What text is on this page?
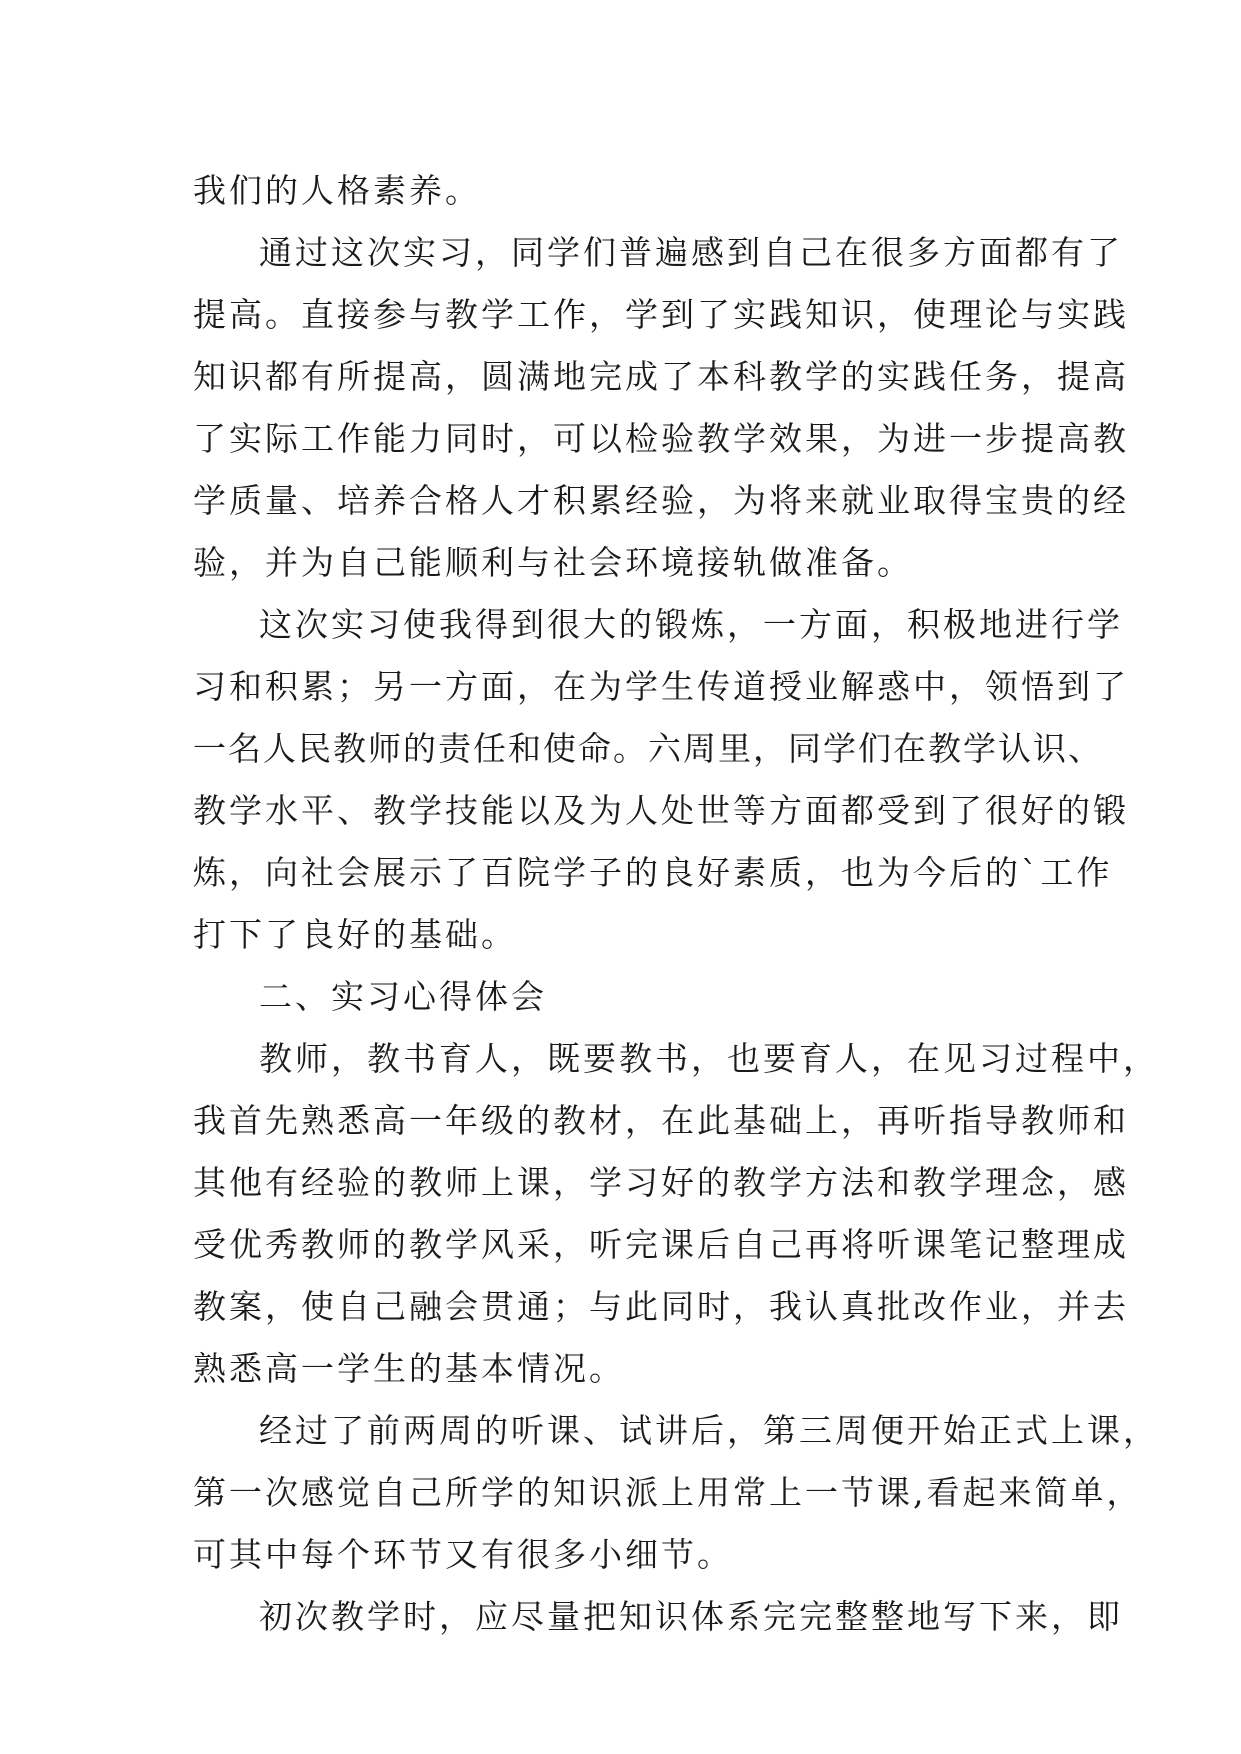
我们的人格素养。
通过这次实习，同学们普遍感到自己在很多方面都有了
提高。直接参与教学工作，学到了实践知识，使理论与实践
知识都有所提高，圆满地完成了本科教学的实践任务，提高
了实际工作能力同时，可以检验教学效果，为进一步提高教
学质量、培养合格人才积累经验，为将来就业取得宝贵的经
验，并为自己能顺利与社会环境接轨做准备。
这次实习使我得到很大的锻炼，一方面，积极地进行学
习和积累；另一方面，在为学生传道授业解惑中，领悟到了
一名人民教师的责任和使命。六周里，同学们在教学认识、
教学水平、教学技能以及为人处世等方面都受到了很好的锻
炼，向社会展示了百院学子的良好素质，也为今后的`工作
打下了良好的基础。
二、实习心得体会
教师，教书育人，既要教书，也要育人，在见习过程中，
我首先熟悉高一年级的教材，在此基础上，再听指导教师和
其他有经验的教师上课，学习好的教学方法和教学理念，感
受优秀教师的教学风采，听完课后自己再将听课笔记整理成
教案，使自己融会贯通；与此同时，我认真批改作业，并去
熟悉高一学生的基本情况。
经过了前两周的听课、试讲后，第三周便开始正式上课，
第一次感觉自己所学的知识派上用常上一节课,看起来简单，
可其中每个环节又有很多小细节。
初次教学时，应尽量把知识体系完完整整地写下来，即
